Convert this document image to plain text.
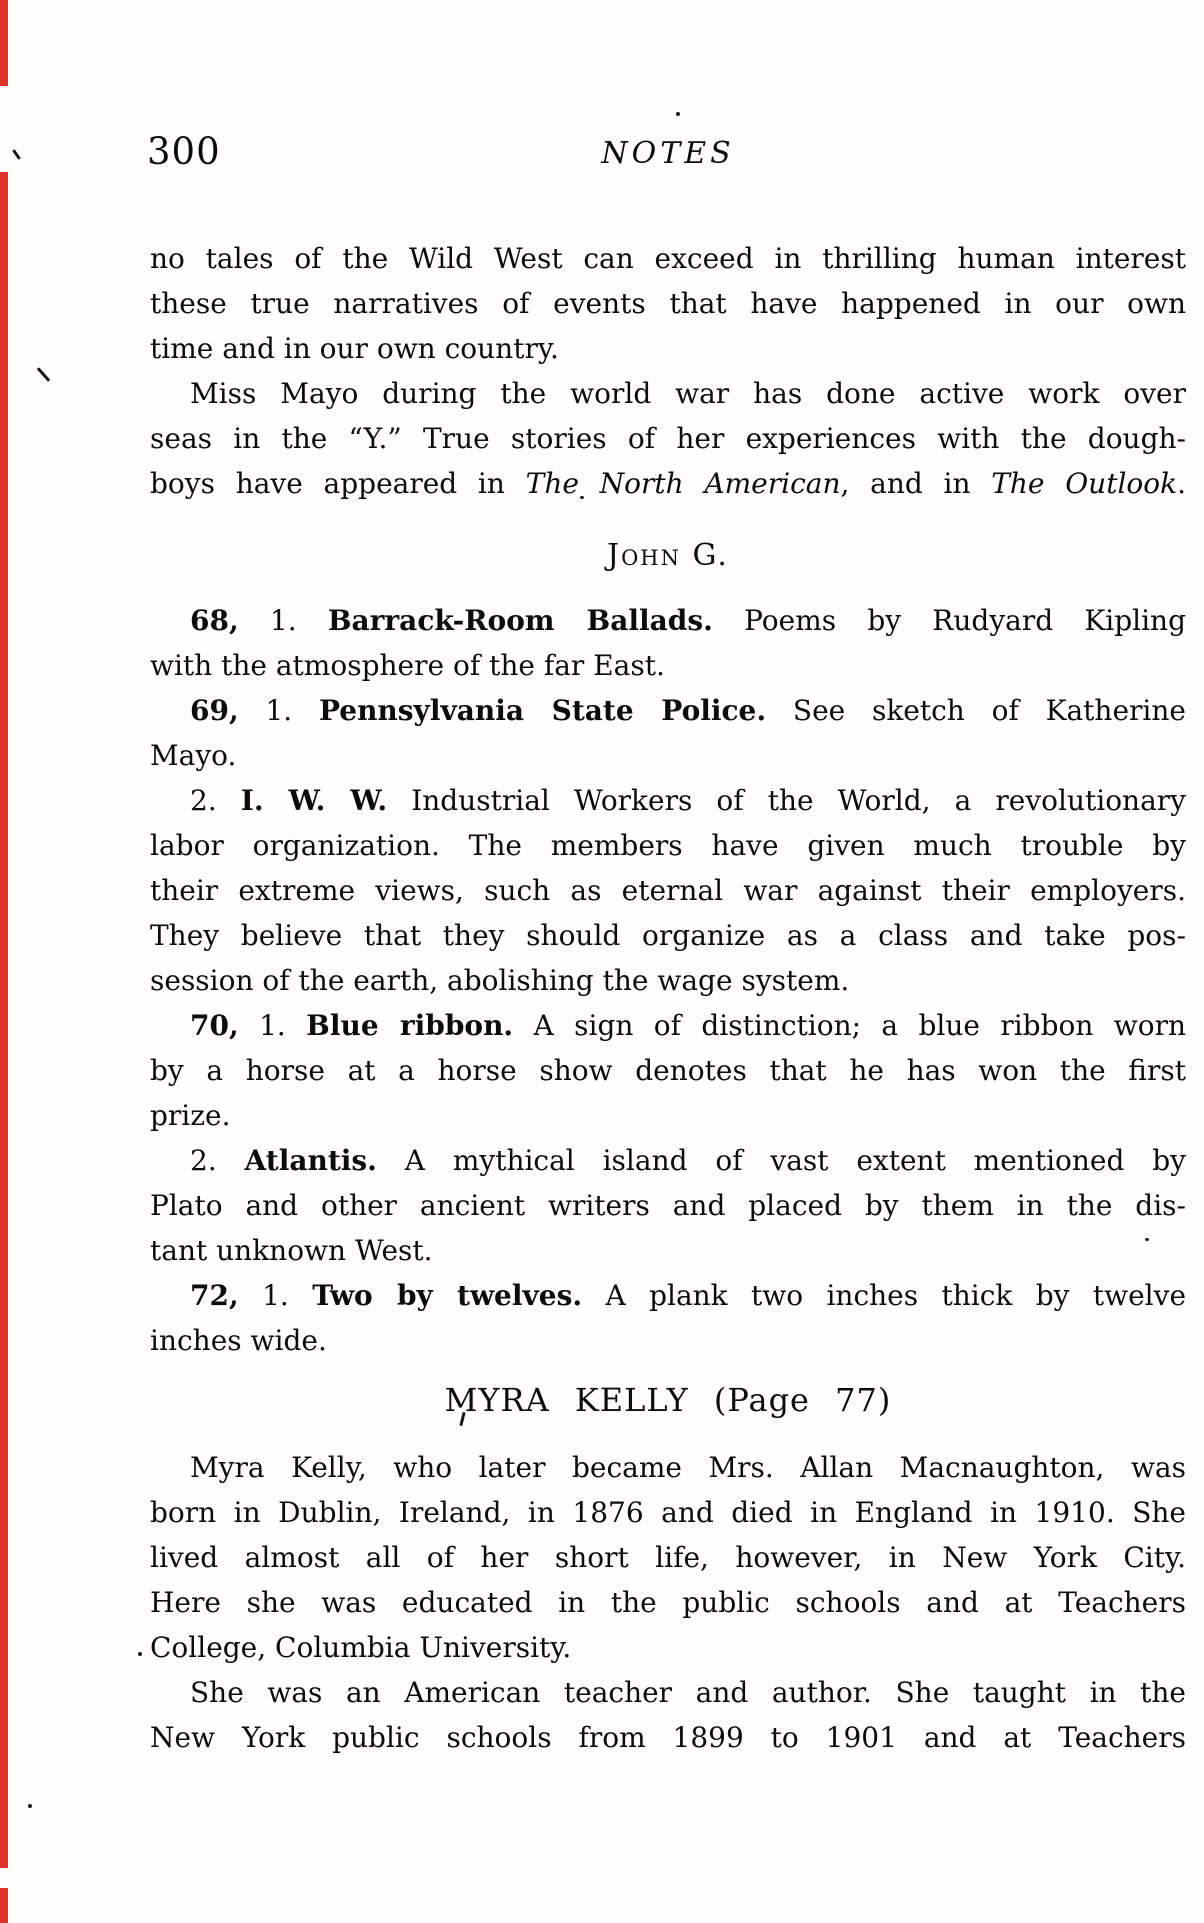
300	NOTES
no tales of the Wild West can exceed in thrilling human interest
these true narratives of events that have happened in our own
time and in our own country.
Miss Mayo during the world war has done active work over
seas in the “Y.” True stories of her experiences with the dough-
boys have appeared in The North American, and in The Outlook.
John G.
68, 1. Barrack-Room Ballads. Poems by Rudyard Kipling
with the atmosphere of the far East.
69, 1. Pennsylvania State Police. See sketch of Katherine
Mayo.
2. I. W. W. Industrial Workers of the World, a revolutionary
labor organization. The members have given much trouble by
their extreme views, such as eternal war against their employers.
They believe that they should organize as a class and take pos-
session of the earth, abolishing the wage system.
70, 1. Blue ribbon. A sign of distinction; a blue ribbon worn
by a horse at a horse show denotes that he has won the first
prize.
2. Atlantis. A mythical island of vast extent mentioned by
Plato and other ancient writers and placed by them in the dis-
tant unknown West.
72, 1. Two by twelves. A plank two inches thick by twelve
inches wide.
MYRA KELLY (Page 77)
Myra Kelly, who later became Mrs. Allan Macnaughton, was
born in Dublin, Ireland, in 1876 and died in England in 1910. She
lived almost all of her short life, however, in New York City.
Here she was educated in the public schools and at Teachers
College, Columbia University.
She was an American teacher and author. She taught in the
New York public schools from 1899 to 1901 and at Teachers
